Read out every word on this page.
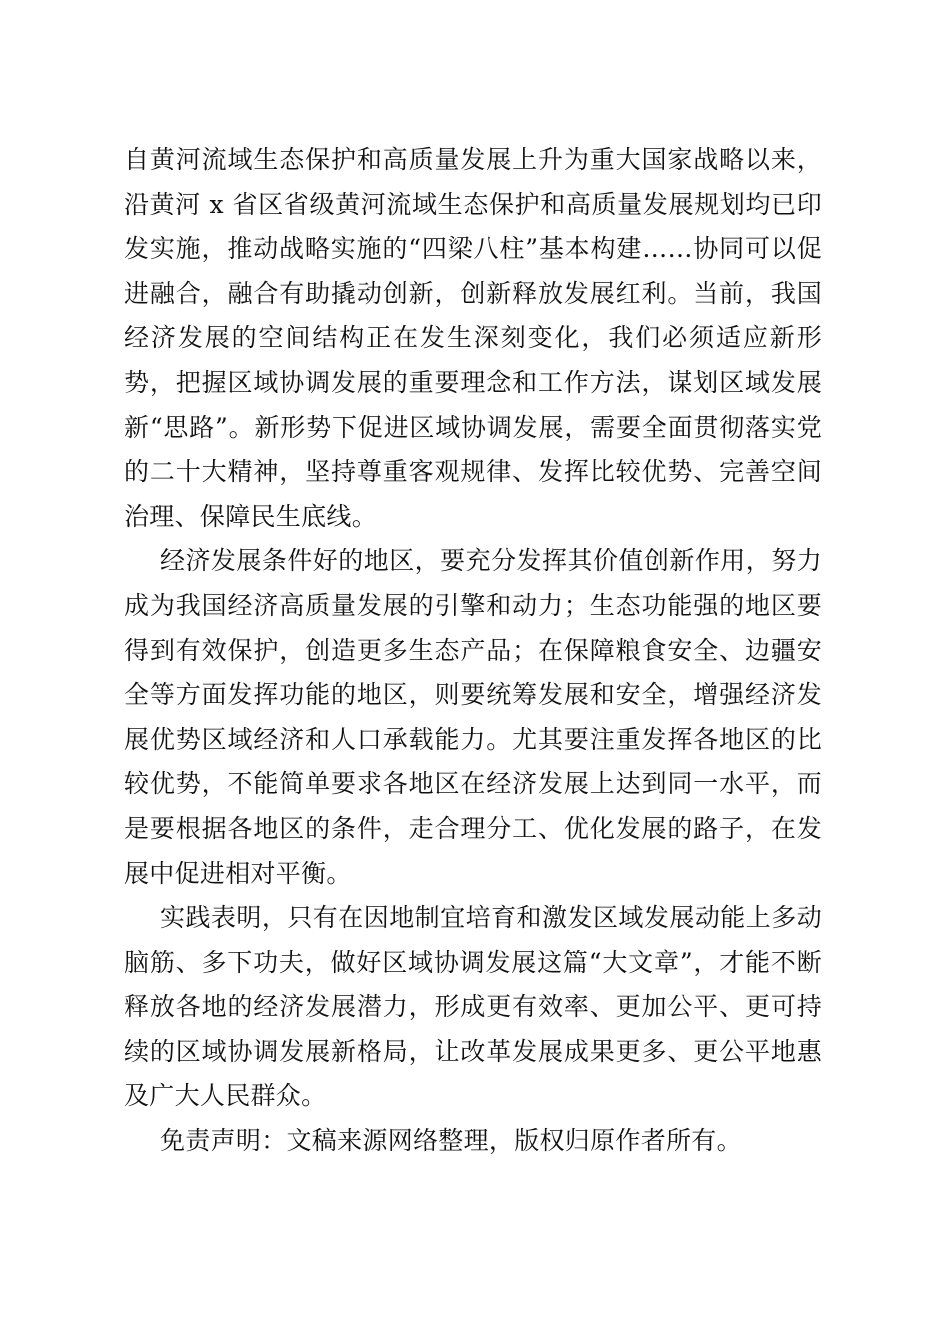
自黄河流域生态保护和高质量发展上升为重大国家战略以来，沿黄河 x 省区省级黄河流域生态保护和高质量发展规划均已印发实施，推动战略实施的“四梁八柱”基本构建……协同可以促进融合，融合有助撬动创新，创新释放发展红利。当前，我国经济发展的空间结构正在发生深刻变化，我们必须适应新形势，把握区域协调发展的重要理念和工作方法，谋划区域发展新“思路”。新形势下促进区域协调发展，需要全面贯彻落实党的二十大精神，坚持尊重客观规律、发挥比较优势、完善空间治理、保障民生底线。

经济发展条件好的地区，要充分发挥其价值创新作用，努力成为我国经济高质量发展的引擎和动力；生态功能强的地区要得到有效保护，创造更多生态产品；在保障粮食安全、边疆安全等方面发挥功能的地区，则要统筹发展和安全，增强经济发展优势区域经济和人口承载能力。尤其要注重发挥各地区的比较优势，不能简单要求各地区在经济发展上达到同一水平，而是要根据各地区的条件，走合理分工、优化发展的路子，在发展中促进相对平衡。

实践表明，只有在因地制宜培育和激发区域发展动能上多动脑筋、多下功夫，做好区域协调发展这篇“大文章”，才能不断释放各地的经济发展潜力，形成更有效率、更加公平、更可持续的区域协调发展新格局，让改革发展成果更多、更公平地惠及广大人民群众。

免责声明：文稿来源网络整理，版权归原作者所有。
